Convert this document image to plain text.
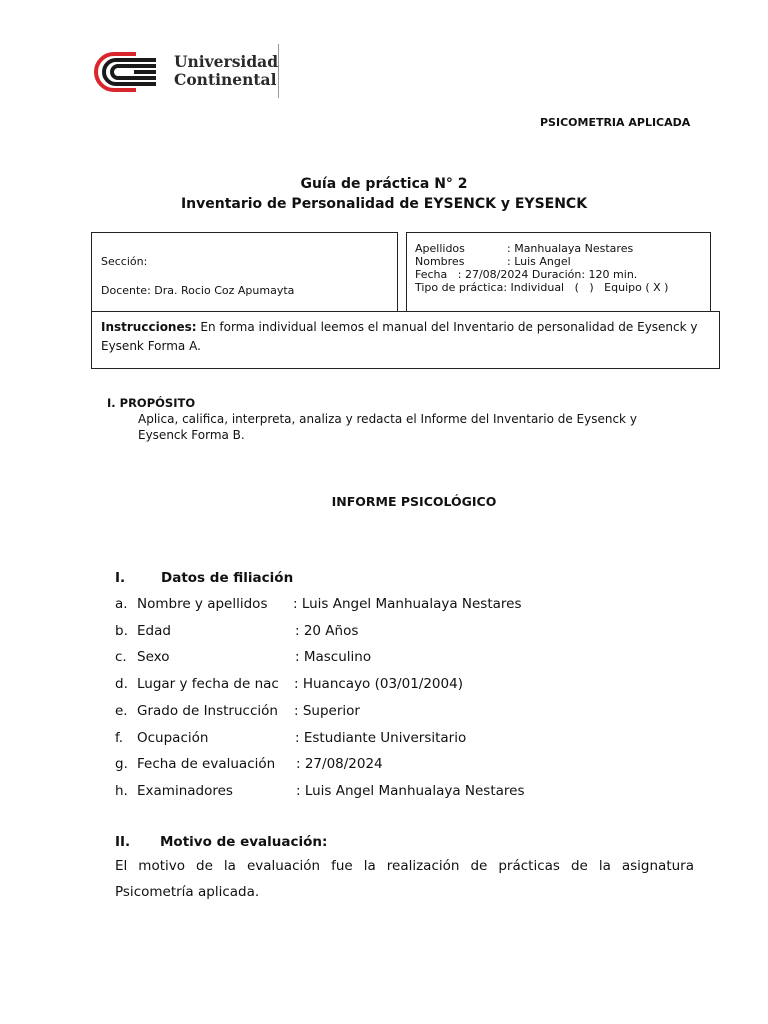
Universidad
Continental
PSICOMETRIA APLICADA
Guía de práctica N° 2
Inventario de Personalidad de EYSENCK y EYSENCK
Sección:
Docente: Dra. Rocio Coz Apumayta
Apellidos	: Manhualaya Nestares
Nombres	: Luis Angel
Fecha   : 27/08/2024 Duración: 120 min.
Tipo de práctica: Individual   (   )   Equipo ( X )
Instrucciones: En forma individual leemos el manual del Inventario de personalidad de Eysenck y Eysenk Forma A.
I. PROPÓSITO
Aplica, califica, interpreta, analiza y redacta el Informe del Inventario de Eysenck y Eysenck Forma B.
INFORME PSICOLÓGICO
I.	Datos de filiación
a. Nombre y apellidos : Luis Angel Manhualaya Nestares
b. Edad	: 20 Años
c. Sexo	: Masculino
d. Lugar y fecha de nac : Huancayo (03/01/2004)
e. Grado de Instrucción : Superior
f. Ocupación	: Estudiante Universitario
g. Fecha de evaluación : 27/08/2024
h. Examinadores	: Luis Angel Manhualaya Nestares
II. Motivo de evaluación:
El motivo de la evaluación fue la realización de prácticas de la asignatura Psicometría aplicada.
